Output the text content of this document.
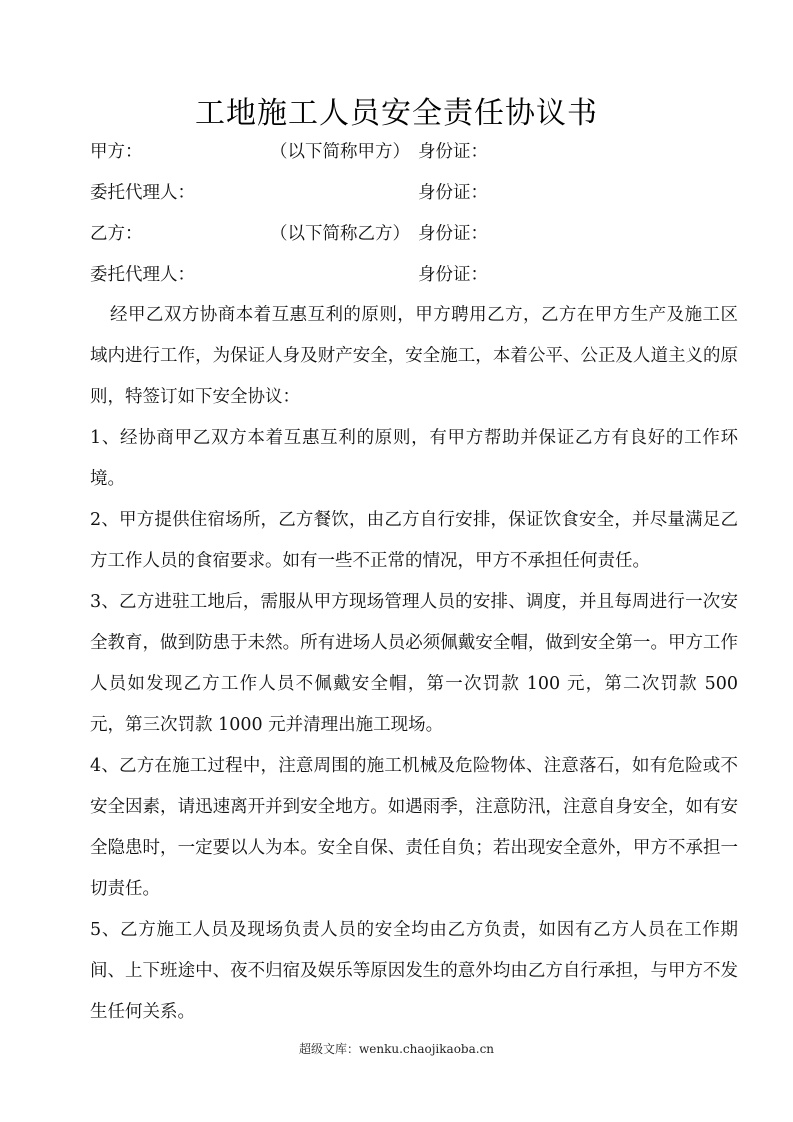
工地施工人员安全责任协议书
甲方：	（以下简称甲方） 身份证：
委托代理人：	身份证：
乙方：	（以下简称乙方） 身份证：
委托代理人：	身份证：
经甲乙双方协商本着互惠互利的原则，甲方聘用乙方，乙方在甲方生产及施工区域内进行工作，为保证人身及财产安全，安全施工，本着公平、公正及人道主义的原则，特签订如下安全协议：
1、经协商甲乙双方本着互惠互利的原则，有甲方帮助并保证乙方有良好的工作环境。
2、甲方提供住宿场所，乙方餐饮，由乙方自行安排，保证饮食安全，并尽量满足乙方工作人员的食宿要求。如有一些不正常的情况，甲方不承担任何责任。
3、乙方进驻工地后，需服从甲方现场管理人员的安排、调度，并且每周进行一次安全教育，做到防患于未然。所有进场人员必须佩戴安全帽，做到安全第一。甲方工作人员如发现乙方工作人员不佩戴安全帽，第一次罚款 100 元，第二次罚款 500 元，第三次罚款 1000 元并清理出施工现场。
4、乙方在施工过程中，注意周围的施工机械及危险物体、注意落石，如有危险或不安全因素，请迅速离开并到安全地方。如遇雨季，注意防汛，注意自身安全，如有安全隐患时，一定要以人为本。安全自保、责任自负；若出现安全意外，甲方不承担一切责任。
5、乙方施工人员及现场负责人员的安全均由乙方负责，如因有乙方人员在工作期间、上下班途中、夜不归宿及娱乐等原因发生的意外均由乙方自行承担，与甲方不发生任何关系。
超级文库：wenku.chaojikaoba.cn
